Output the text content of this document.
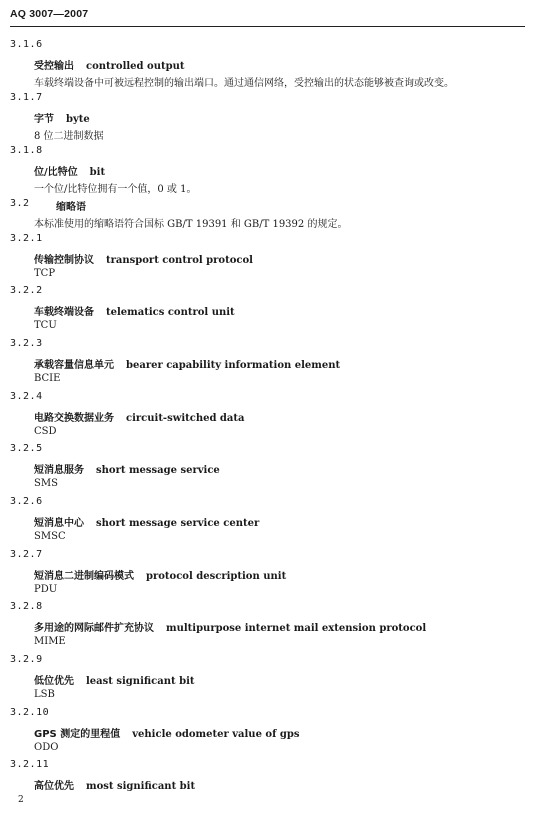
AQ 3007—2007
3.1.6
受控输出 controlled output
车载终端设备中可被远程控制的输出端口。通过通信网络，受控输出的状态能够被查询或改变。
3.1.7
字节 byte
8 位二进制数据
3.1.8
位/比特位 bit
一个位/比特位拥有一个值，0 或 1。
3.2	缩略语
本标准使用的缩略语符合国标 GB/T 19391 和 GB/T 19392 的规定。
3.2.1
传输控制协议 transport control protocol
TCP
3.2.2
车载终端设备 telematics control unit
TCU
3.2.3
承载容量信息单元 bearer capability information element
BCIE
3.2.4
电路交换数据业务 circuit-switched data
CSD
3.2.5
短消息服务 short message service
SMS
3.2.6
短消息中心 short message service center
SMSC
3.2.7
短消息二进制编码模式 protocol description unit
PDU
3.2.8
多用途的网际邮件扩充协议 multipurpose internet mail extension protocol
MIME
3.2.9
低位优先 least significant bit
LSB
3.2.10
GPS 测定的里程值 vehicle odometer value of gps
ODO
3.2.11
高位优先 most significant bit
2
